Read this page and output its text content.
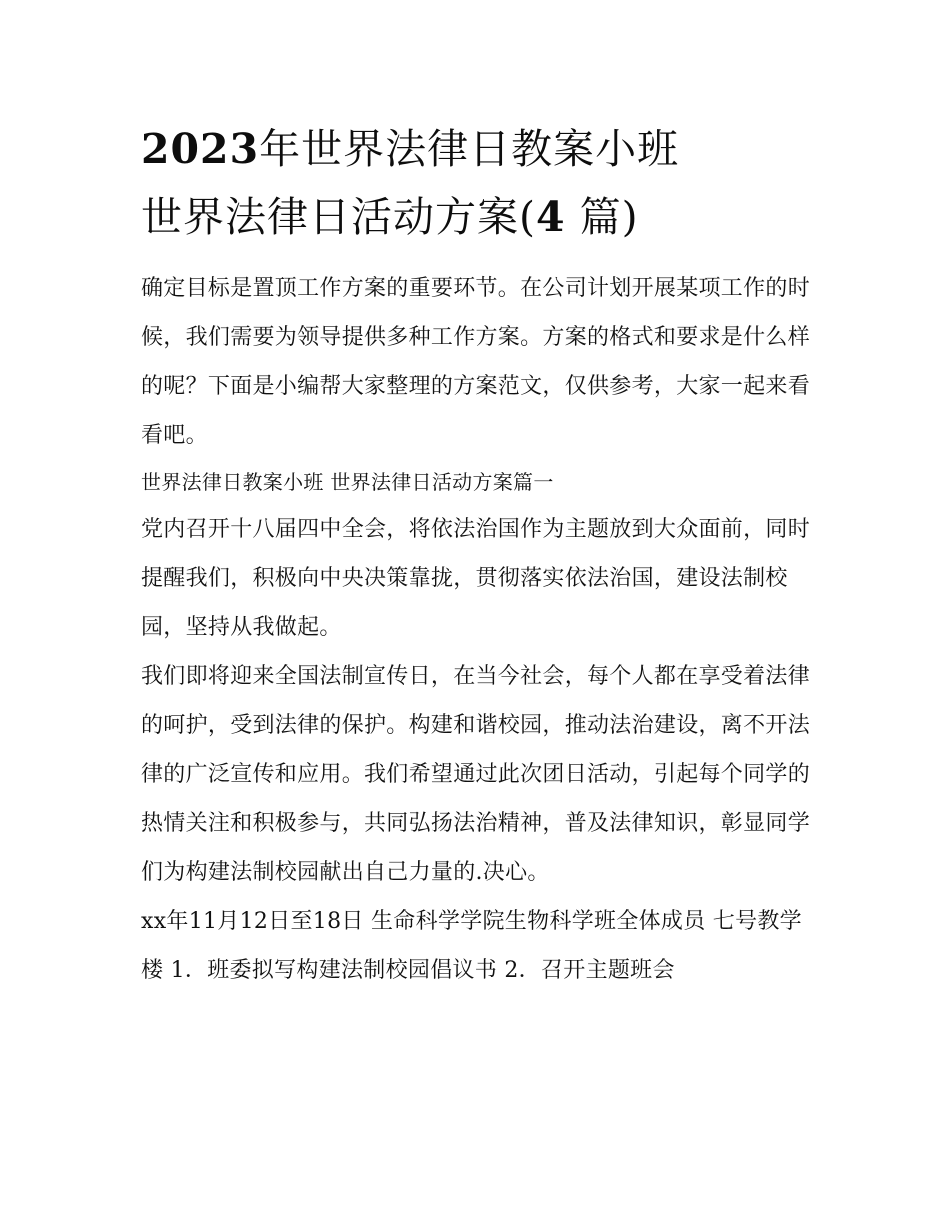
2023年世界法律日教案小班
世界法律日活动方案(4 篇)

确定目标是置顶工作方案的重要环节。在公司计划开展某项工作的时候，我们需要为领导提供多种工作方案。方案的格式和要求是什么样的呢？下面是小编帮大家整理的方案范文，仅供参考，大家一起来看看吧。

世界法律日教案小班 世界法律日活动方案篇一

党内召开十八届四中全会，将依法治国作为主题放到大众面前，同时提醒我们，积极向中央决策靠拢，贯彻落实依法治国，建设法制校园，坚持从我做起。

我们即将迎来全国法制宣传日，在当今社会，每个人都在享受着法律的呵护，受到法律的保护。构建和谐校园，推动法治建设，离不开法律的广泛宣传和应用。我们希望通过此次团日活动，引起每个同学的热情关注和积极参与，共同弘扬法治精神，普及法律知识，彰显同学们为构建法制校园献出自己力量的.决心。

xx年11月12日至18日 生命科学学院生物科学班全体成员 七号教学楼 1．班委拟写构建法制校园倡议书 2．召开主题班会
